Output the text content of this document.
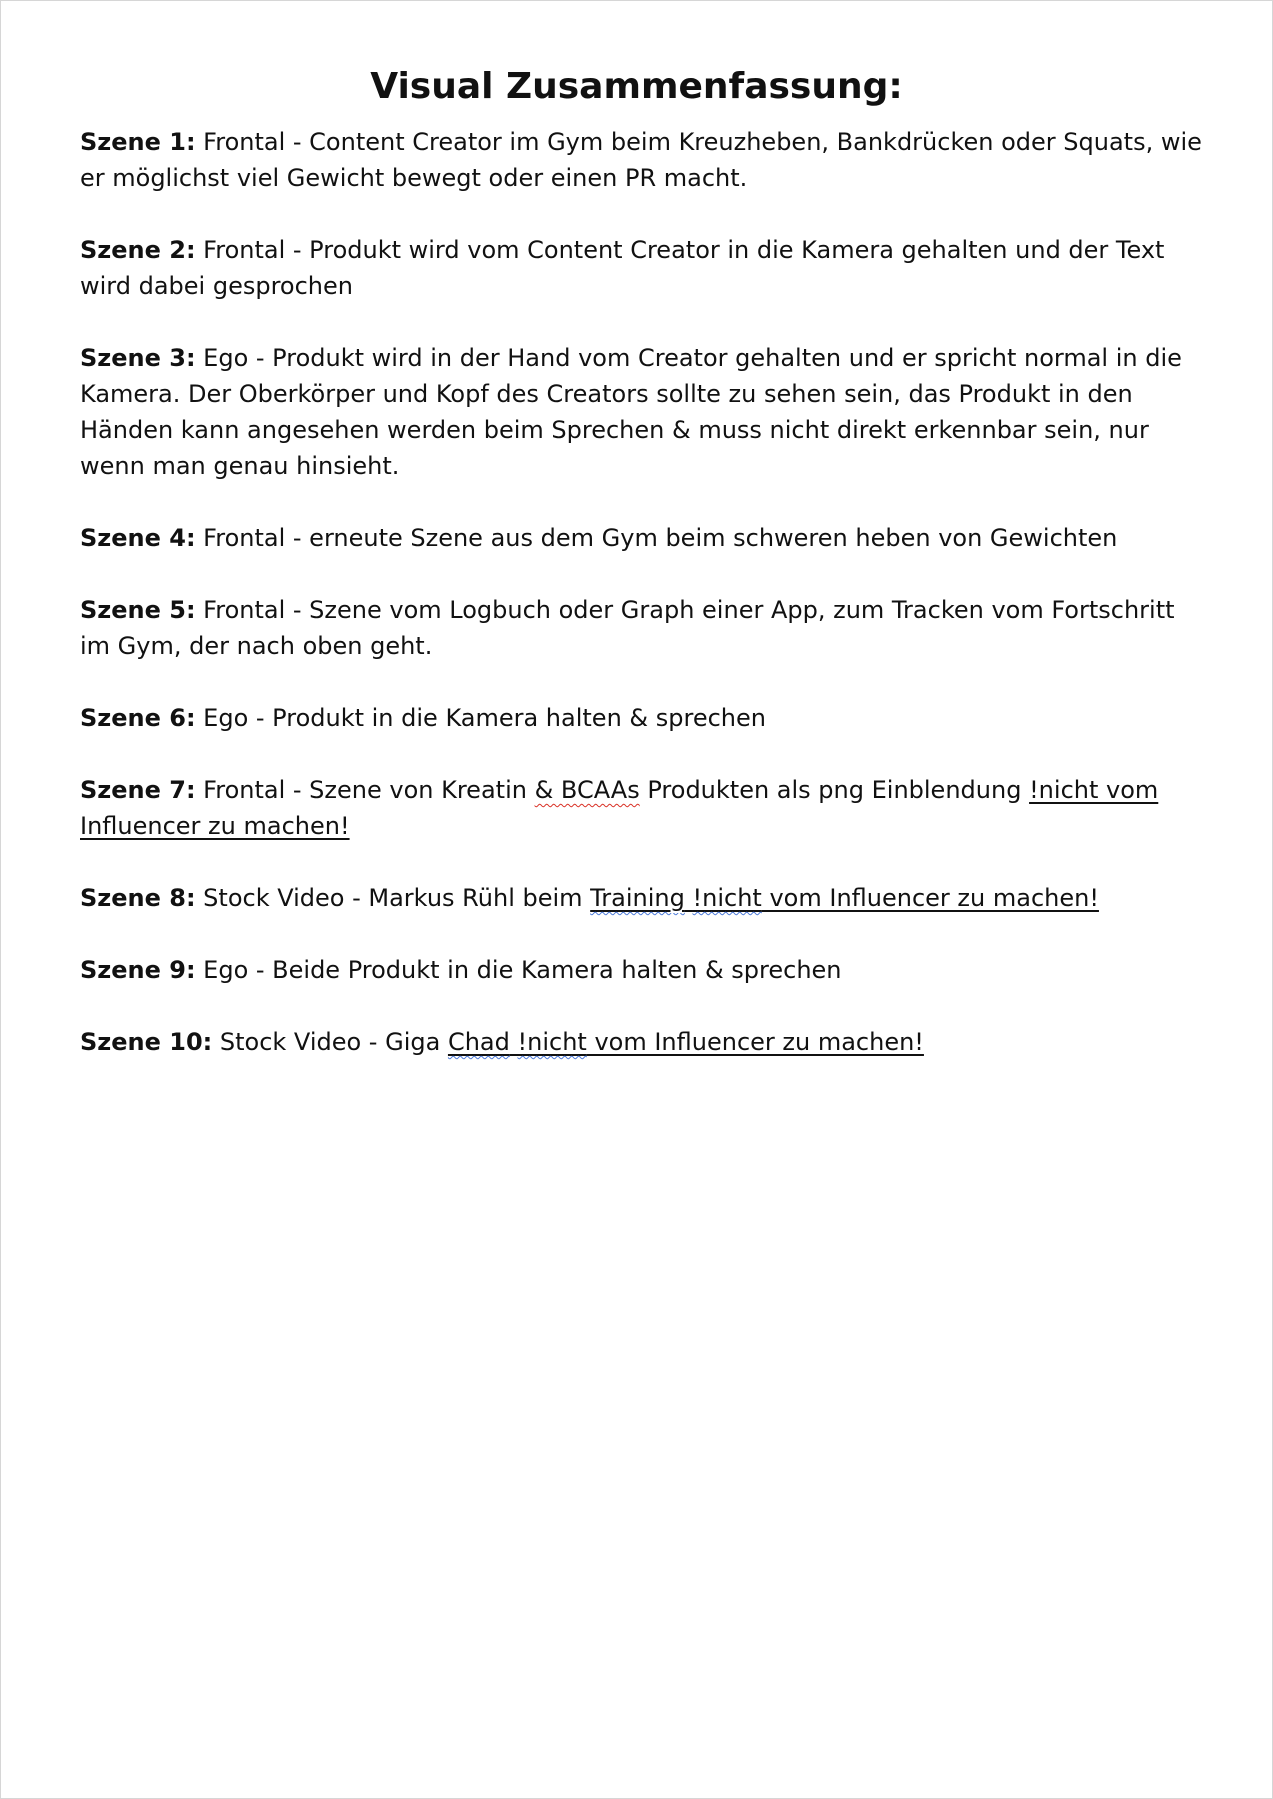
Visual Zusammenfassung:

Szene 1: Frontal - Content Creator im Gym beim Kreuzheben, Bankdrücken oder Squats, wie er möglichst viel Gewicht bewegt oder einen PR macht.

Szene 2: Frontal - Produkt wird vom Content Creator in die Kamera gehalten und der Text wird dabei gesprochen

Szene 3: Ego - Produkt wird in der Hand vom Creator gehalten und er spricht normal in die Kamera. Der Oberkörper und Kopf des Creators sollte zu sehen sein, das Produkt in den Händen kann angesehen werden beim Sprechen & muss nicht direkt erkennbar sein, nur wenn man genau hinsieht.

Szene 4: Frontal - erneute Szene aus dem Gym beim schweren heben von Gewichten

Szene 5: Frontal - Szene vom Logbuch oder Graph einer App, zum Tracken vom Fortschritt im Gym, der nach oben geht.

Szene 6: Ego - Produkt in die Kamera halten & sprechen

Szene 7: Frontal - Szene von Kreatin & BCAAs Produkten als png Einblendung !nicht vom Influencer zu machen!

Szene 8: Stock Video - Markus Rühl beim Training !nicht vom Influencer zu machen!

Szene 9: Ego - Beide Produkt in die Kamera halten & sprechen

Szene 10: Stock Video - Giga Chad !nicht vom Influencer zu machen!
